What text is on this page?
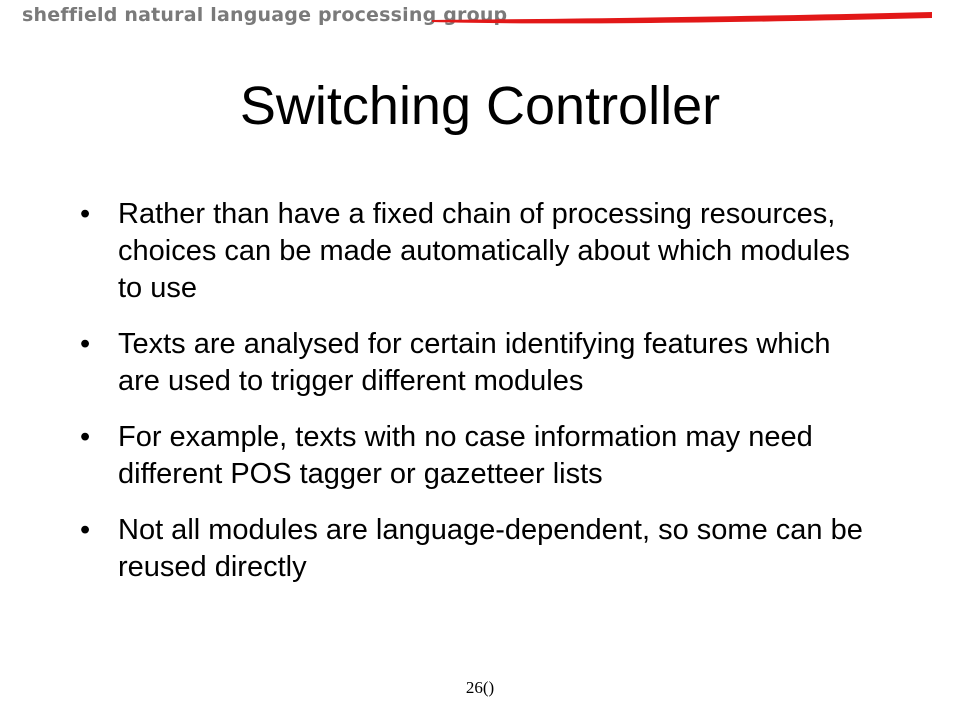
sheffield natural language processing group
Switching Controller
• Rather than have a fixed chain of processing resources, choices can be made automatically about which modules to use
• Texts are analysed for certain identifying features which are used to trigger different modules
• For example, texts with no case information may need different POS tagger or gazetteer lists
• Not all modules are language-dependent, so some can be reused directly
26()
